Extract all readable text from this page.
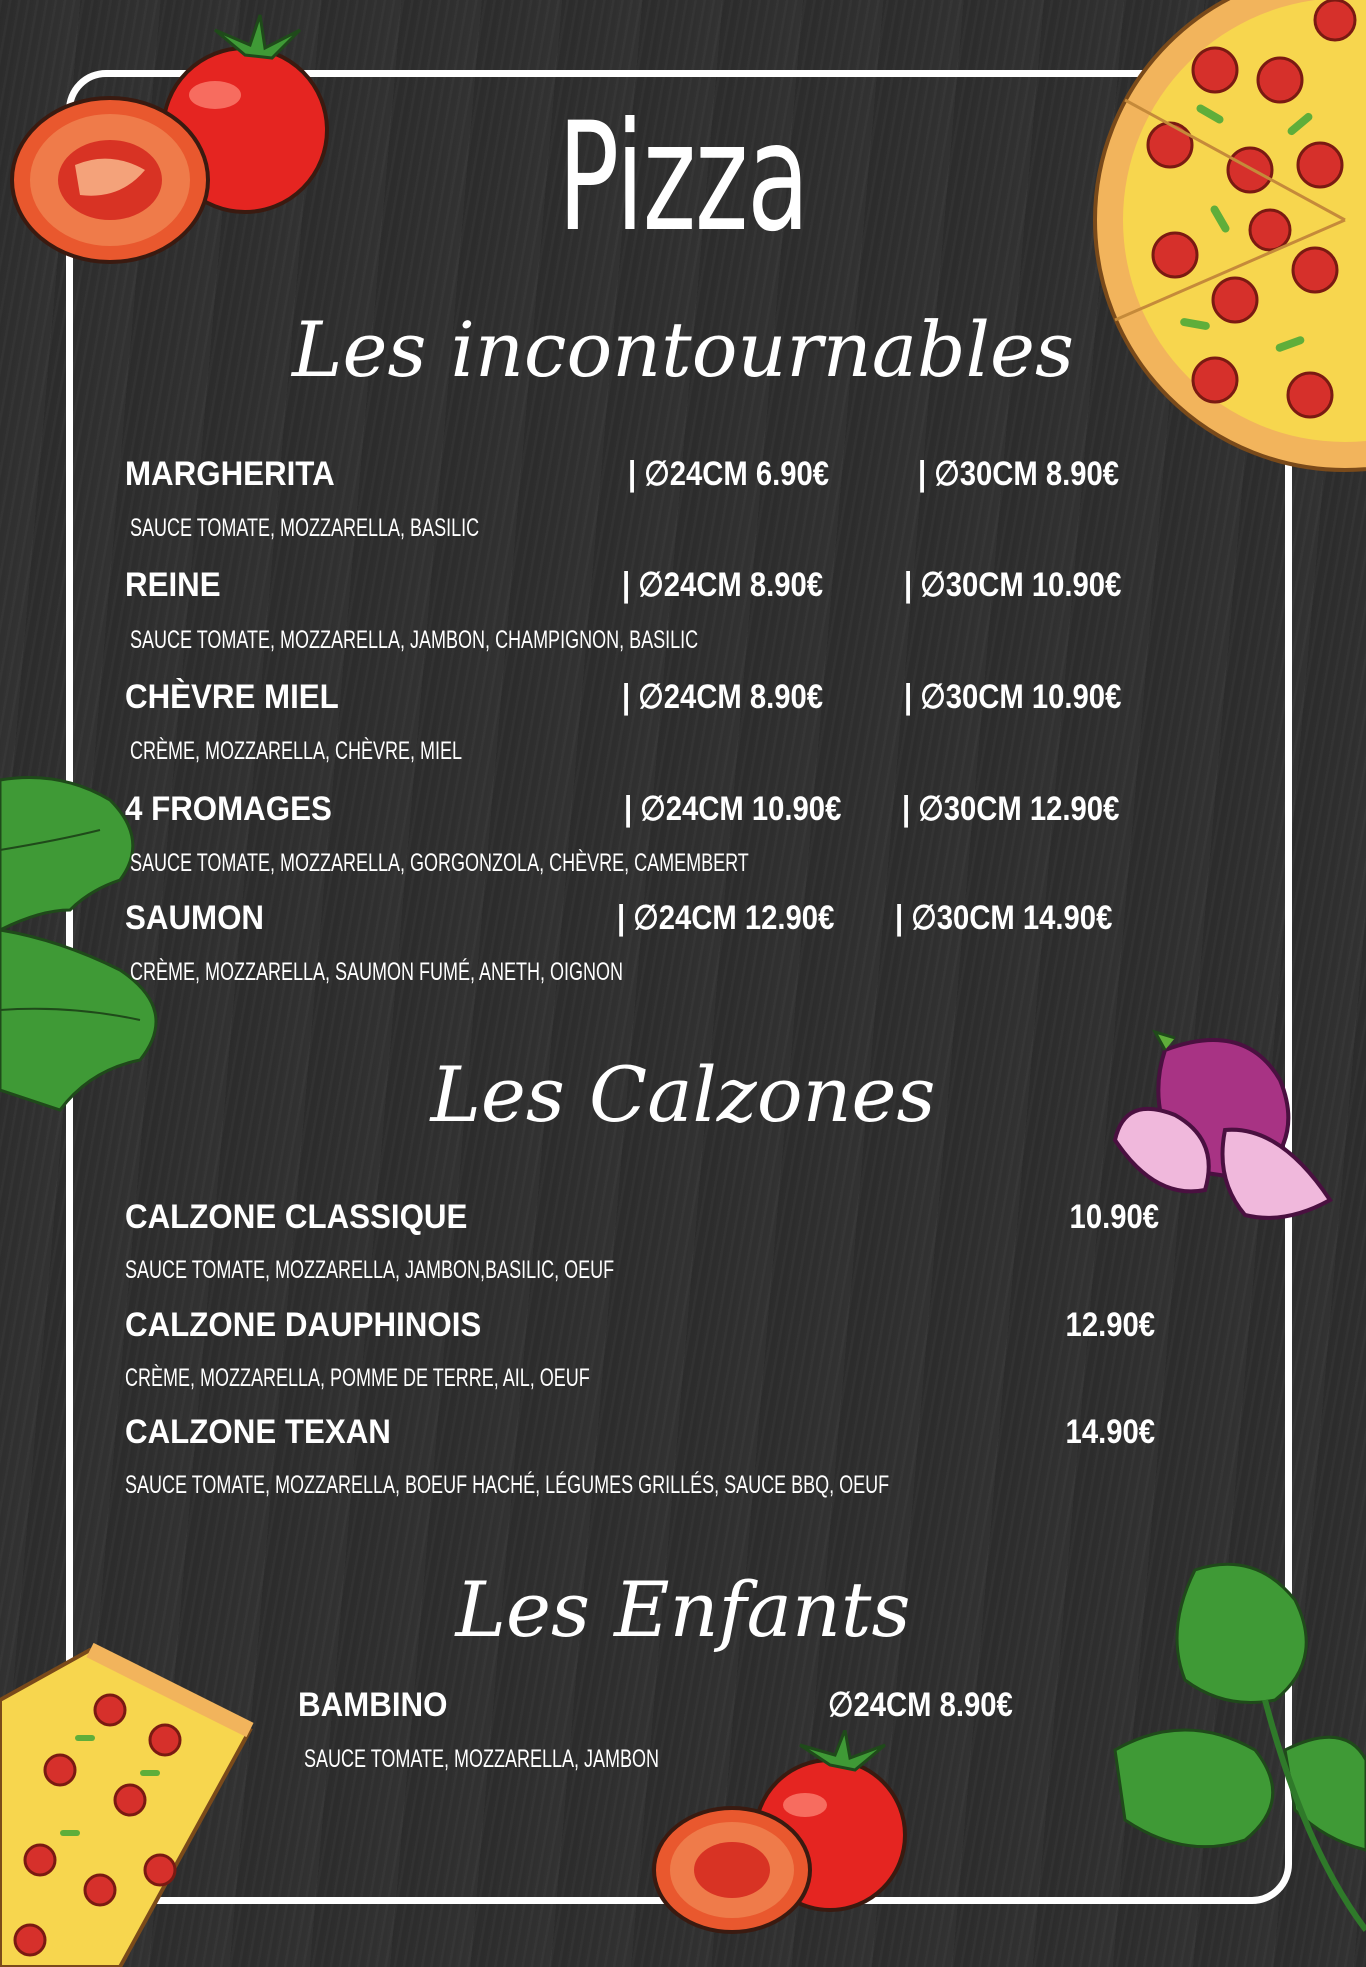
Pizza
Les incontournables
Les Calzones
Les Enfants
MARGHERITA	| ∅24CM 6.90€	| ∅30CM 8.90€
SAUCE TOMATE, MOZZARELLA, BASILIC
REINE	| ∅24CM 8.90€ | ∅30CM 10.90€
SAUCE TOMATE, MOZZARELLA, JAMBON, CHAMPIGNON, BASILIC
CHÈVRE MIEL	| ∅24CM 8.90€ | ∅30CM 10.90€
CRÈME, MOZZARELLA, CHÈVRE, MIEL
4 FROMAGES	| ∅24CM 10.90€ | ∅30CM 12.90€
SAUCE TOMATE, MOZZARELLA, GORGONZOLA, CHÈVRE, CAMEMBERT
SAUMON	| ∅24CM 12.90€ | ∅30CM 14.90€
CRÈME, MOZZARELLA, SAUMON FUMÉ, ANETH, OIGNON
CALZONE CLASSIQUE	10.90€
SAUCE TOMATE, MOZZARELLA, JAMBON,BASILIC, OEUF
CALZONE DAUPHINOIS	12.90€
CRÈME, MOZZARELLA, POMME DE TERRE, AIL, OEUF
CALZONE TEXAN	14.90€
SAUCE TOMATE, MOZZARELLA, BOEUF HACHÉ, LÉGUMES GRILLÉS, SAUCE BBQ, OEUF
BAMBINO	∅24CM 8.90€
SAUCE TOMATE, MOZZARELLA, JAMBON
